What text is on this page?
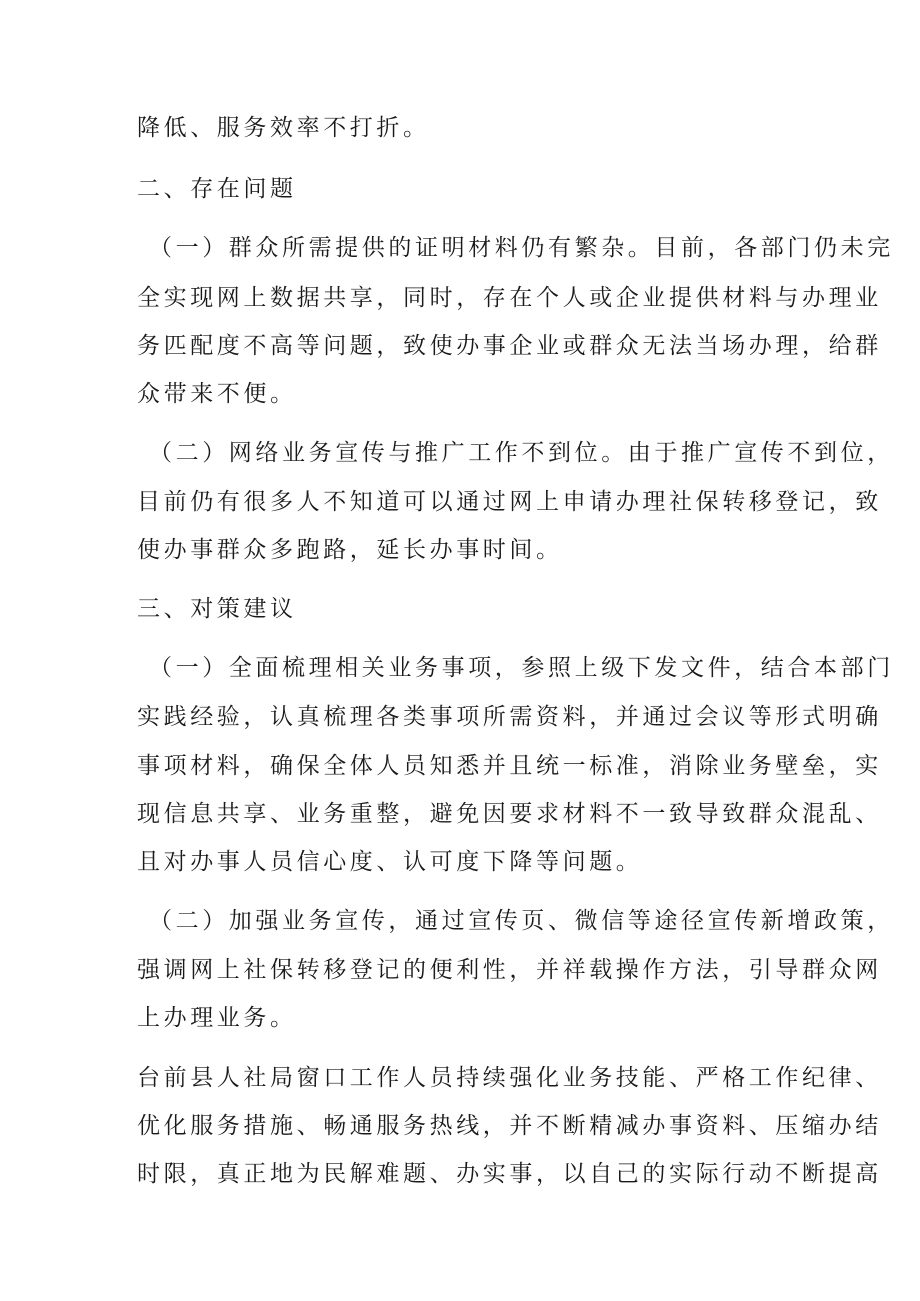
降低、服务效率不打折。

二、存在问题

（一）群众所需提供的证明材料仍有繁杂。目前，各部门仍未完

全实现网上数据共享，同时，存在个人或企业提供材料与办理业

务匹配度不高等问题，致使办事企业或群众无法当场办理，给群

众带来不便。

（二）网络业务宣传与推广工作不到位。由于推广宣传不到位，

目前仍有很多人不知道可以通过网上申请办理社保转移登记，致

使办事群众多跑路，延长办事时间。

三、对策建议

（一）全面梳理相关业务事项，参照上级下发文件，结合本部门

实践经验，认真梳理各类事项所需资料，并通过会议等形式明确

事项材料，确保全体人员知悉并且统一标准，消除业务壁垒，实

现信息共享、业务重整，避免因要求材料不一致导致群众混乱、

且对办事人员信心度、认可度下降等问题。

（二）加强业务宣传，通过宣传页、微信等途径宣传新增政策，

强调网上社保转移登记的便利性，并祥载操作方法，引导群众网

上办理业务。

台前县人社局窗口工作人员持续强化业务技能、严格工作纪律、

优化服务措施、畅通服务热线，并不断精减办事资料、压缩办结

时限，真正地为民解难题、办实事，以自己的实际行动不断提高
